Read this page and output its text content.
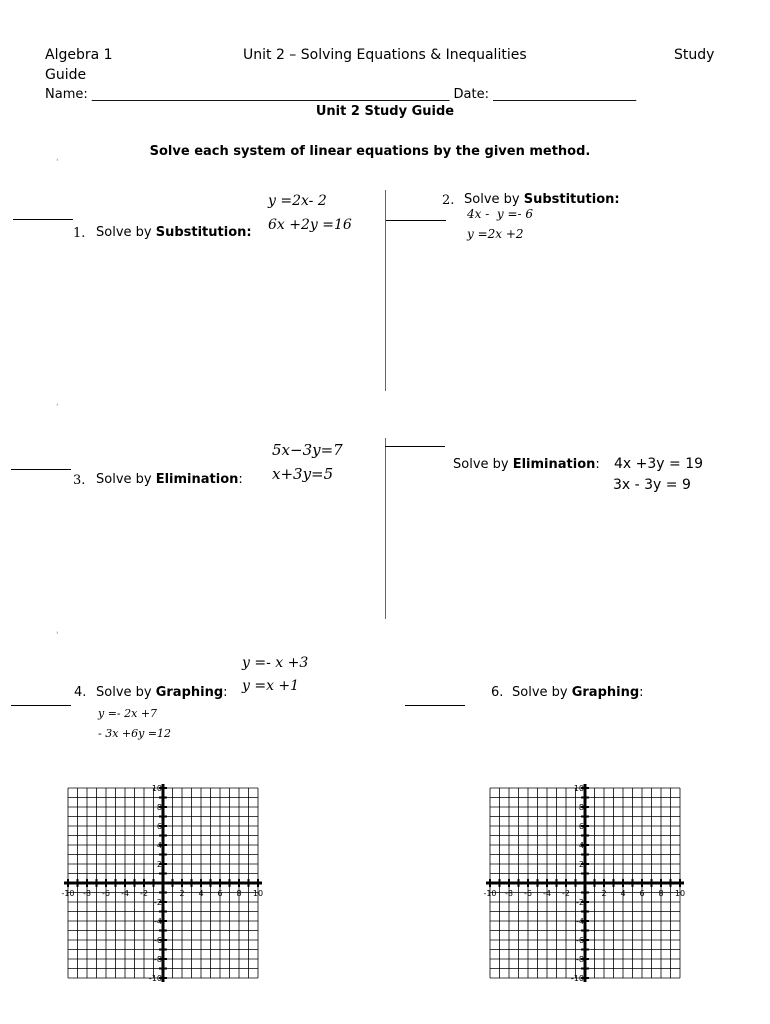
Algebra 1	Unit 2 – Solving Equations & Inequalities	Study
Guide
Name: _______________________________________________________ Date: ______________________
Unit 2 Study Guide
Solve each system of linear equations by the given method.
'
'
'
1. Solve by Substitution:
y =2x- 2
6x +2y =16
2. Solve by Substitution:
4x -  y =- 6
y =2x +2
3. Solve by Elimination:
5x−3y=7
x+3y=5
Solve by Elimination: 4x +3y = 19
3x - 3y = 9
y =- x +3
y =x +1
4. Solve by Graphing:
y =- 2x +7
- 3x +6y =12
6. Solve by Graphing:
-10 -8 -6 -4 -2	2 4 6 8 10
10
8
6
4
2
-2
-4
-6
-8
-10
-10 -8 -6 -4 -2	2 4 6 8 10
10
8
6
4
2
-2
-4
-6
-8
-10
